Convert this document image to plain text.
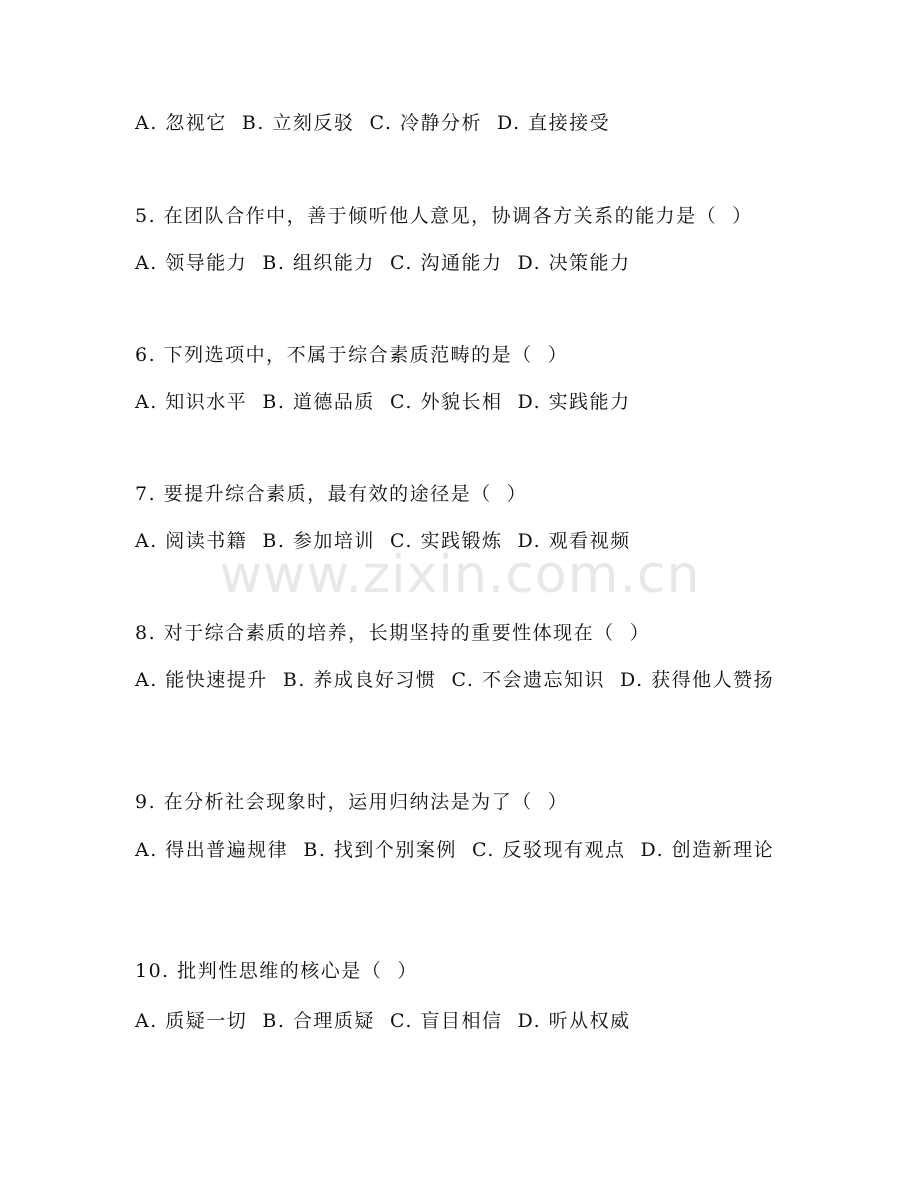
A. 忽视它  B. 立刻反驳  C. 冷静分析  D. 直接接受
5. 在团队合作中，善于倾听他人意见，协调各方关系的能力是（  ）
A. 领导能力  B. 组织能力  C. 沟通能力  D. 决策能力
6. 下列选项中，不属于综合素质范畴的是（  ）
A. 知识水平  B. 道德品质  C. 外貌长相  D. 实践能力
7. 要提升综合素质，最有效的途径是（  ）
A. 阅读书籍  B. 参加培训  C. 实践锻炼  D. 观看视频
8. 对于综合素质的培养，长期坚持的重要性体现在（  ）
A. 能快速提升  B. 养成良好习惯  C. 不会遗忘知识  D. 获得他人赞扬
9. 在分析社会现象时，运用归纳法是为了（  ）
A. 得出普遍规律  B. 找到个别案例  C. 反驳现有观点  D. 创造新理论
10. 批判性思维的核心是（  ）
A. 质疑一切  B. 合理质疑  C. 盲目相信  D. 听从权威
www.zixin.com.cn
